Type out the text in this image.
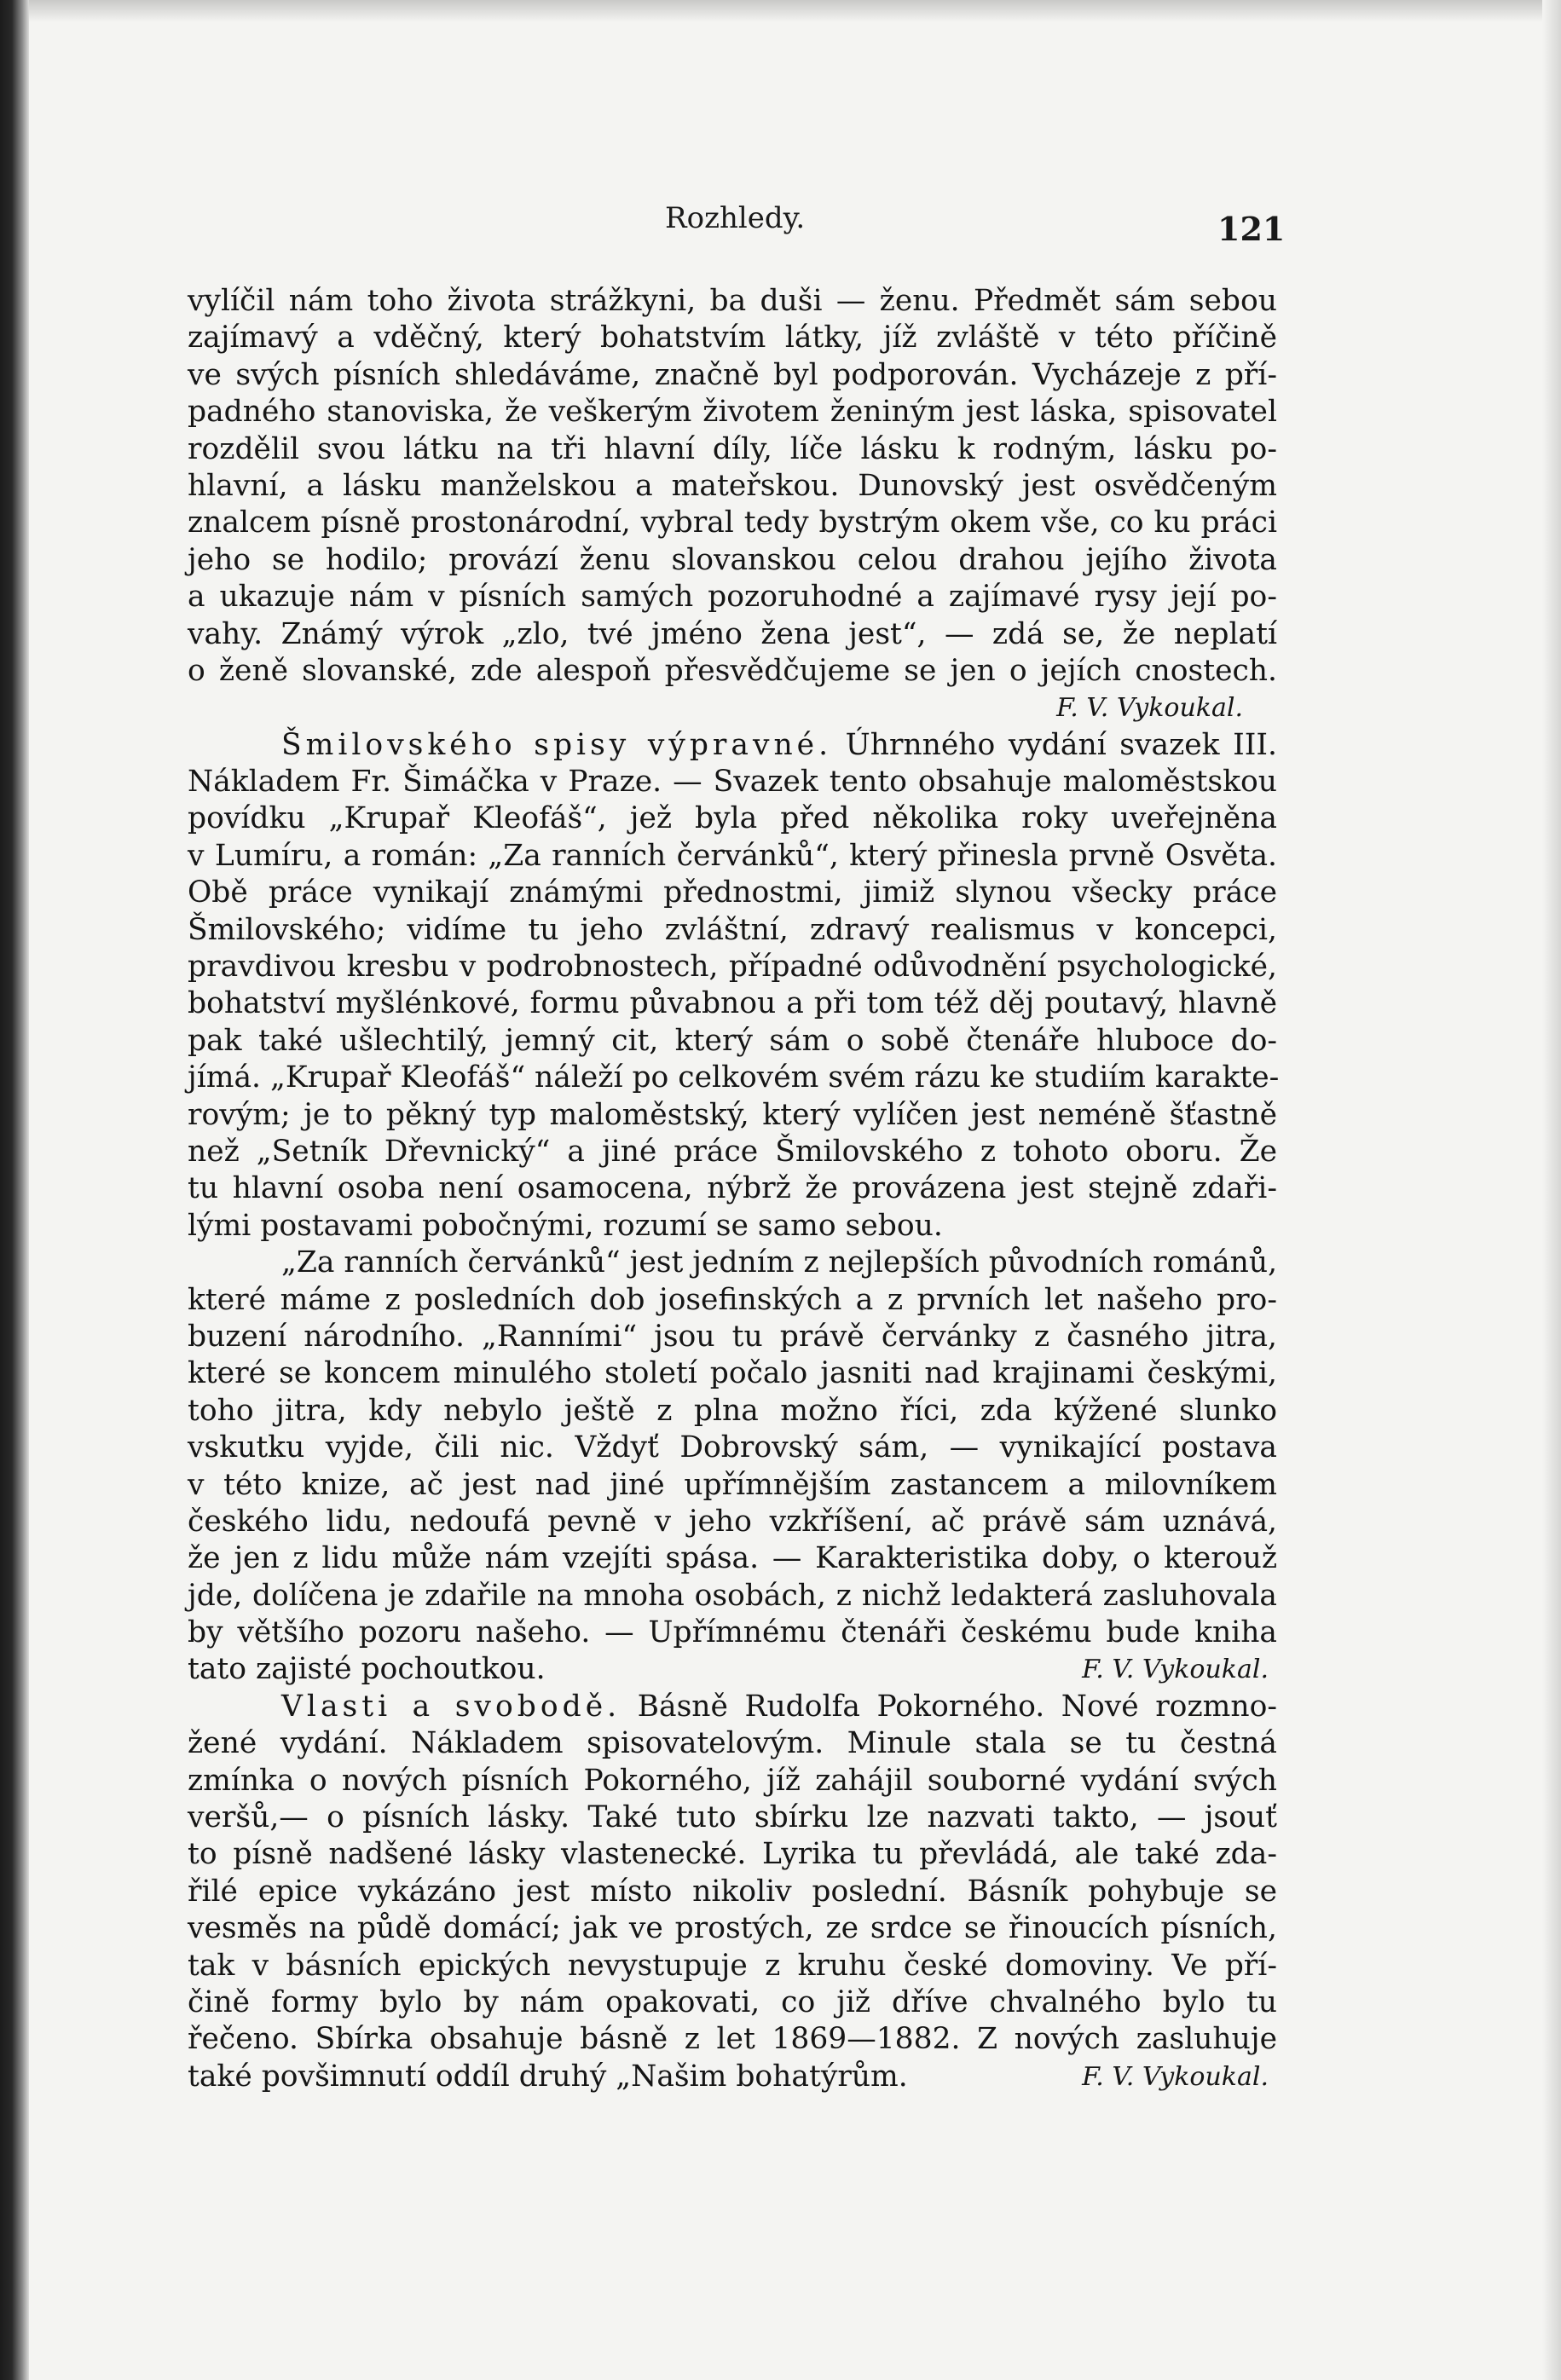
Rozhledy.	121
vylíčil nám toho života strážkyni, ba duši — ženu. Předmět sám sebou
zajímavý a vděčný, který bohatstvím látky, jíž zvláště v této příčině
ve svých písních shledáváme, značně byl podporován. Vycházeje z pří-
padného stanoviska, že veškerým životem ženiným jest láska, spisovatel
rozdělil svou látku na tři hlavní díly, líče lásku k rodným, lásku po-
hlavní, a lásku manželskou a mateřskou. Dunovský jest osvědčeným
znalcem písně prostonárodní, vybral tedy bystrým okem vše, co ku práci
jeho se hodilo; provází ženu slovanskou celou drahou jejího života
a ukazuje nám v písních samých pozoruhodné a zajímavé rysy její po-
vahy. Známý výrok „zlo, tvé jméno žena jest“, — zdá se, že neplatí
o ženě slovanské, zde alespoň přesvědčujeme se jen o jejích cnostech.
F. V. Vykoukal.
Šmilovského spisy výpravné. Úhrnného vydání svazek III.
Nákladem Fr. Šimáčka v Praze. — Svazek tento obsahuje maloměstskou
povídku „Krupař Kleofáš“, jež byla před několika roky uveřejněna
v Lumíru, a román: „Za ranních červánků“, který přinesla prvně Osvěta.
Obě práce vynikají známými přednostmi, jimiž slynou všecky práce
Šmilovského; vidíme tu jeho zvláštní, zdravý realismus v koncepci,
pravdivou kresbu v podrobnostech, případné odůvodnění psychologické,
bohatství myšlénkové, formu půvabnou a při tom též děj poutavý, hlavně
pak také ušlechtilý, jemný cit, který sám o sobě čtenáře hluboce do-
jímá. „Krupař Kleofáš“ náleží po celkovém svém rázu ke studiím karakte-
rovým; je to pěkný typ maloměstský, který vylíčen jest neméně šťastně
než „Setník Dřevnický“ a jiné práce Šmilovského z tohoto oboru. Že
tu hlavní osoba není osamocena, nýbrž že provázena jest stejně zdaři-
lými postavami pobočnými, rozumí se samo sebou.
„Za ranních červánků“ jest jedním z nejlepších původních románů,
které máme z posledních dob josefinských a z prvních let našeho pro-
buzení národního. „Ranními“ jsou tu právě červánky z časného jitra,
které se koncem minulého století počalo jasniti nad krajinami českými,
toho jitra, kdy nebylo ještě z plna možno říci, zda kýžené slunko
vskutku vyjde, čili nic. Vždyť Dobrovský sám, — vynikající postava
v této knize, ač jest nad jiné upřímnějším zastancem a milovníkem
českého lidu, nedoufá pevně v jeho vzkříšení, ač právě sám uznává,
že jen z lidu může nám vzejíti spása. — Karakteristika doby, o kterouž
jde, dolíčena je zdařile na mnoha osobách, z nichž ledakterá zasluhovala
by většího pozoru našeho. — Upřímnému čtenáři českému bude kniha
tato zajisté pochoutkou.	F. V. Vykoukal.
Vlasti a svobodě. Básně Rudolfa Pokorného. Nové rozmno-
žené vydání. Nákladem spisovatelovým. Minule stala se tu čestná
zmínka o nových písních Pokorného, jíž zahájil souborné vydání svých
veršů,— o písních lásky. Také tuto sbírku lze nazvati takto, — jsouť
to písně nadšené lásky vlastenecké. Lyrika tu převládá, ale také zda-
řilé epice vykázáno jest místo nikoliv poslední. Básník pohybuje se
vesměs na půdě domácí; jak ve prostých, ze srdce se řinoucích písních,
tak v básních epických nevystupuje z kruhu české domoviny. Ve pří-
čině formy bylo by nám opakovati, co již dříve chvalného bylo tu
řečeno. Sbírka obsahuje básně z let 1869—1882. Z nových zasluhuje
také povšimnutí oddíl druhý „Našim bohatýrům.	F. V. Vykoukal.
